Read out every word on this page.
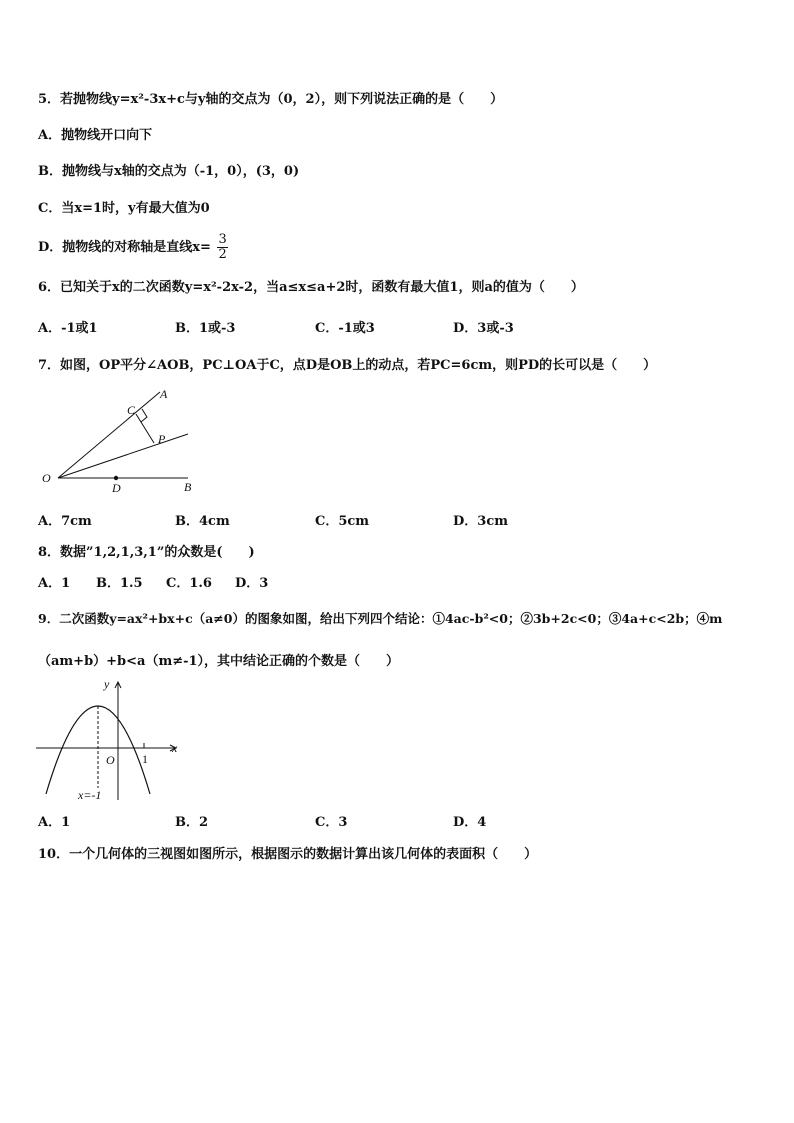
5．若抛物线y=x²-3x+c与y轴的交点为（0，2），则下列说法正确的是（　　）
A．抛物线开口向下
B．抛物线与x轴的交点为（-1，0），(3，0)
C．当x=1时，y有最大值为0
D．抛物线的对称轴是直线$x= \frac{3}{2}$
6．已知关于x的二次函数y=x²-2x-2，当a≤x≤a+2时，函数有最大值1，则a的值为（　　）
A．-1或1	B．1或-3	C．-1或3	D．3或-3
7．如图，OP平分∠AOB，PC⊥OA于C，点D是OB上的动点，若PC=6cm，则PD的长可以是（　　）
O
A
B
C
P
D
A．7cm	B．4cm	C．5cm	D．3cm
8．数据”1,2,1,3,1”的众数是(　　)
A．1 B．1.5 C．1.6 D．3
9．二次函数y=ax²+bx+c（a≠0）的图象如图，给出下列四个结论：①4ac-b²<0；②3b+2c<0；③4a+c<2b；④m
（am+b）+b<a（m≠-1），其中结论正确的个数是（　　）
y
x
O 1
x=-1
A．1	B．2	C．3	D．4
10．一个几何体的三视图如图所示，根据图示的数据计算出该几何体的表面积（　　）
